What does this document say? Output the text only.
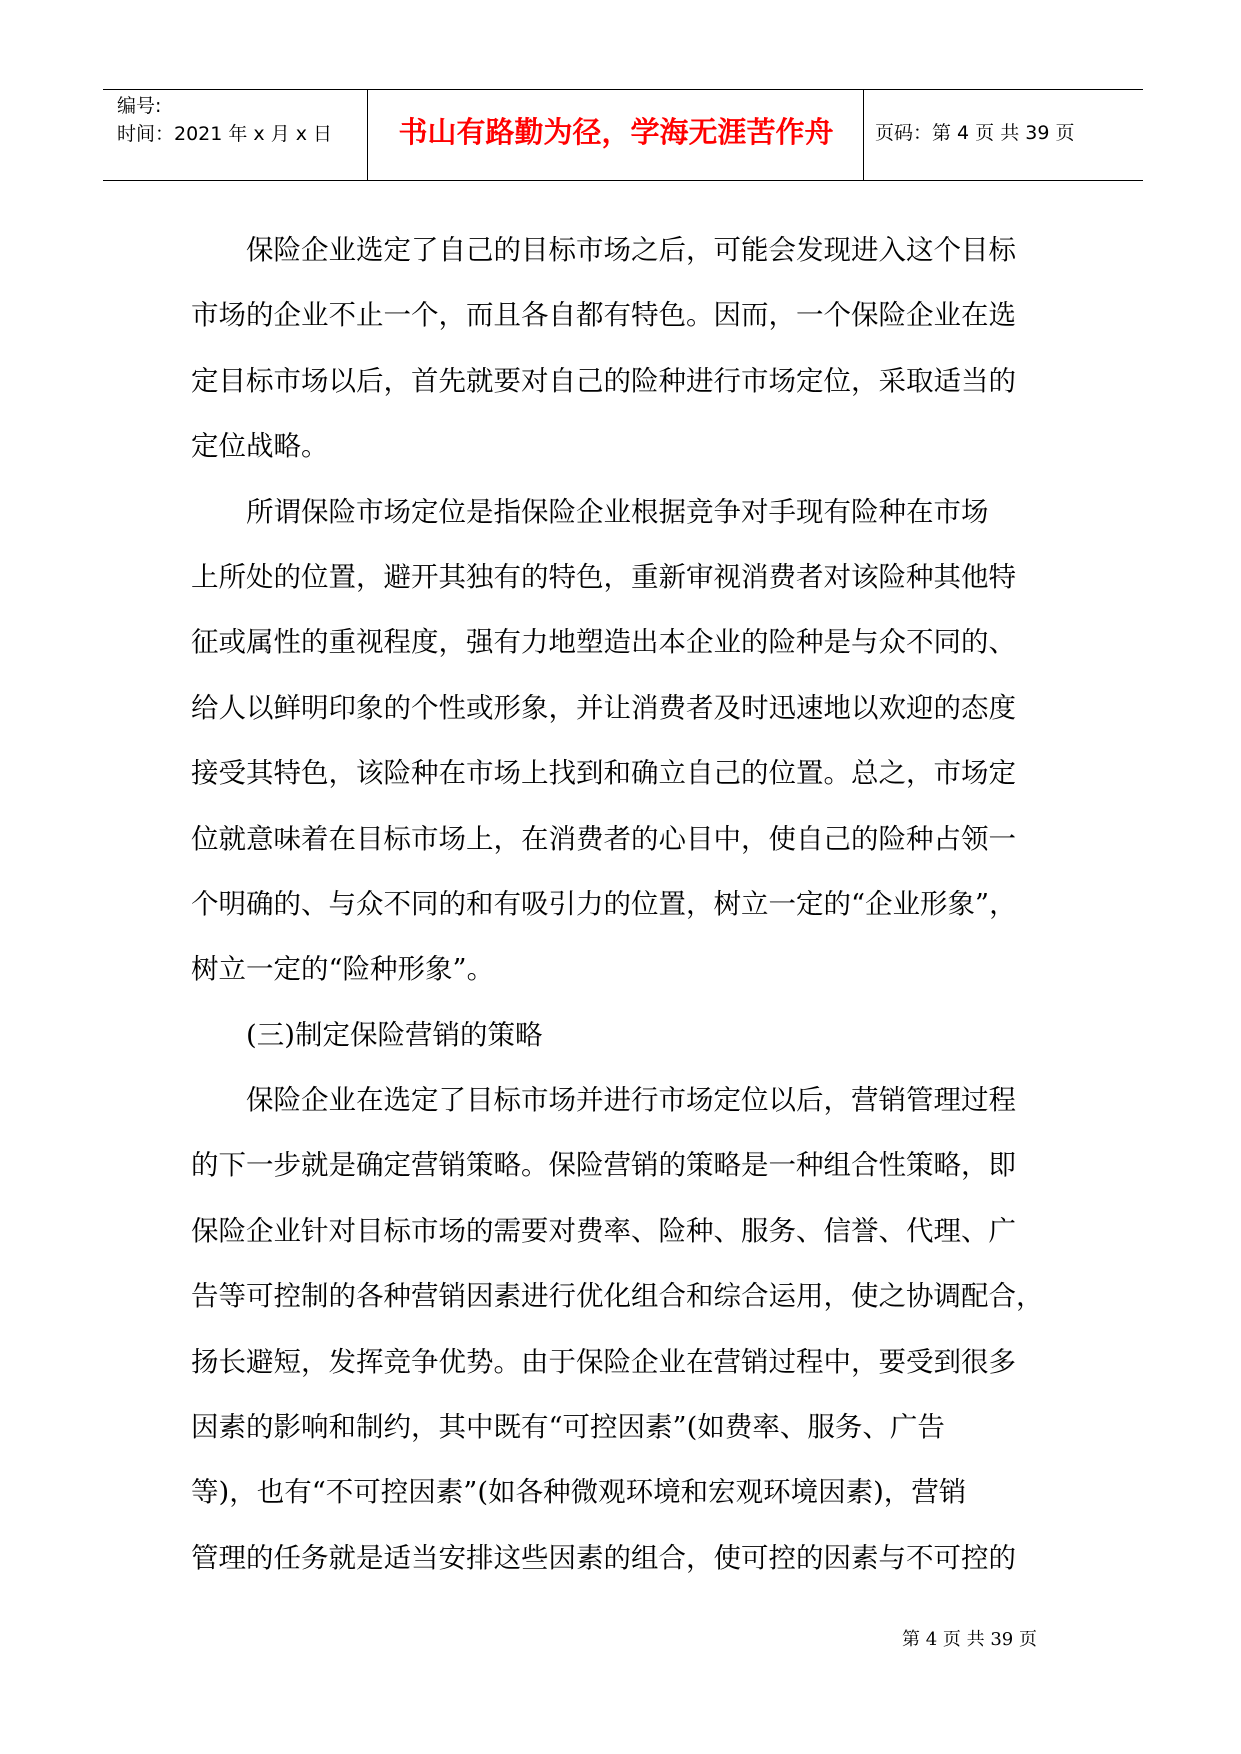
编号:
时间：2021 年 x 月 x 日	书山有路勤为径，学海无涯苦作舟	页码：第 4 页 共 39 页
　　保险企业选定了自己的目标市场之后，可能会发现进入这个目标
市场的企业不止一个，而且各自都有特色。因而，一个保险企业在选
定目标市场以后，首先就要对自己的险种进行市场定位，采取适当的
定位战略。
　　所谓保险市场定位是指保险企业根据竞争对手现有险种在市场
上所处的位置，避开其独有的特色，重新审视消费者对该险种其他特
征或属性的重视程度，强有力地塑造出本企业的险种是与众不同的、
给人以鲜明印象的个性或形象，并让消费者及时迅速地以欢迎的态度
接受其特色，该险种在市场上找到和确立自己的位置。总之，市场定
位就意味着在目标市场上，在消费者的心目中，使自己的险种占领一
个明确的、与众不同的和有吸引力的位置，树立一定的“企业形象”，
树立一定的“险种形象”。
　　(三)制定保险营销的策略
　　保险企业在选定了目标市场并进行市场定位以后，营销管理过程
的下一步就是确定营销策略。保险营销的策略是一种组合性策略，即
保险企业针对目标市场的需要对费率、险种、服务、信誉、代理、广
告等可控制的各种营销因素进行优化组合和综合运用，使之协调配合，
扬长避短，发挥竞争优势。由于保险企业在营销过程中，要受到很多
因素的影响和制约，其中既有“可控因素”(如费率、服务、广告
等)，也有“不可控因素”(如各种微观环境和宏观环境因素)，营销
管理的任务就是适当安排这些因素的组合，使可控的因素与不可控的
第 4 页 共 39 页
